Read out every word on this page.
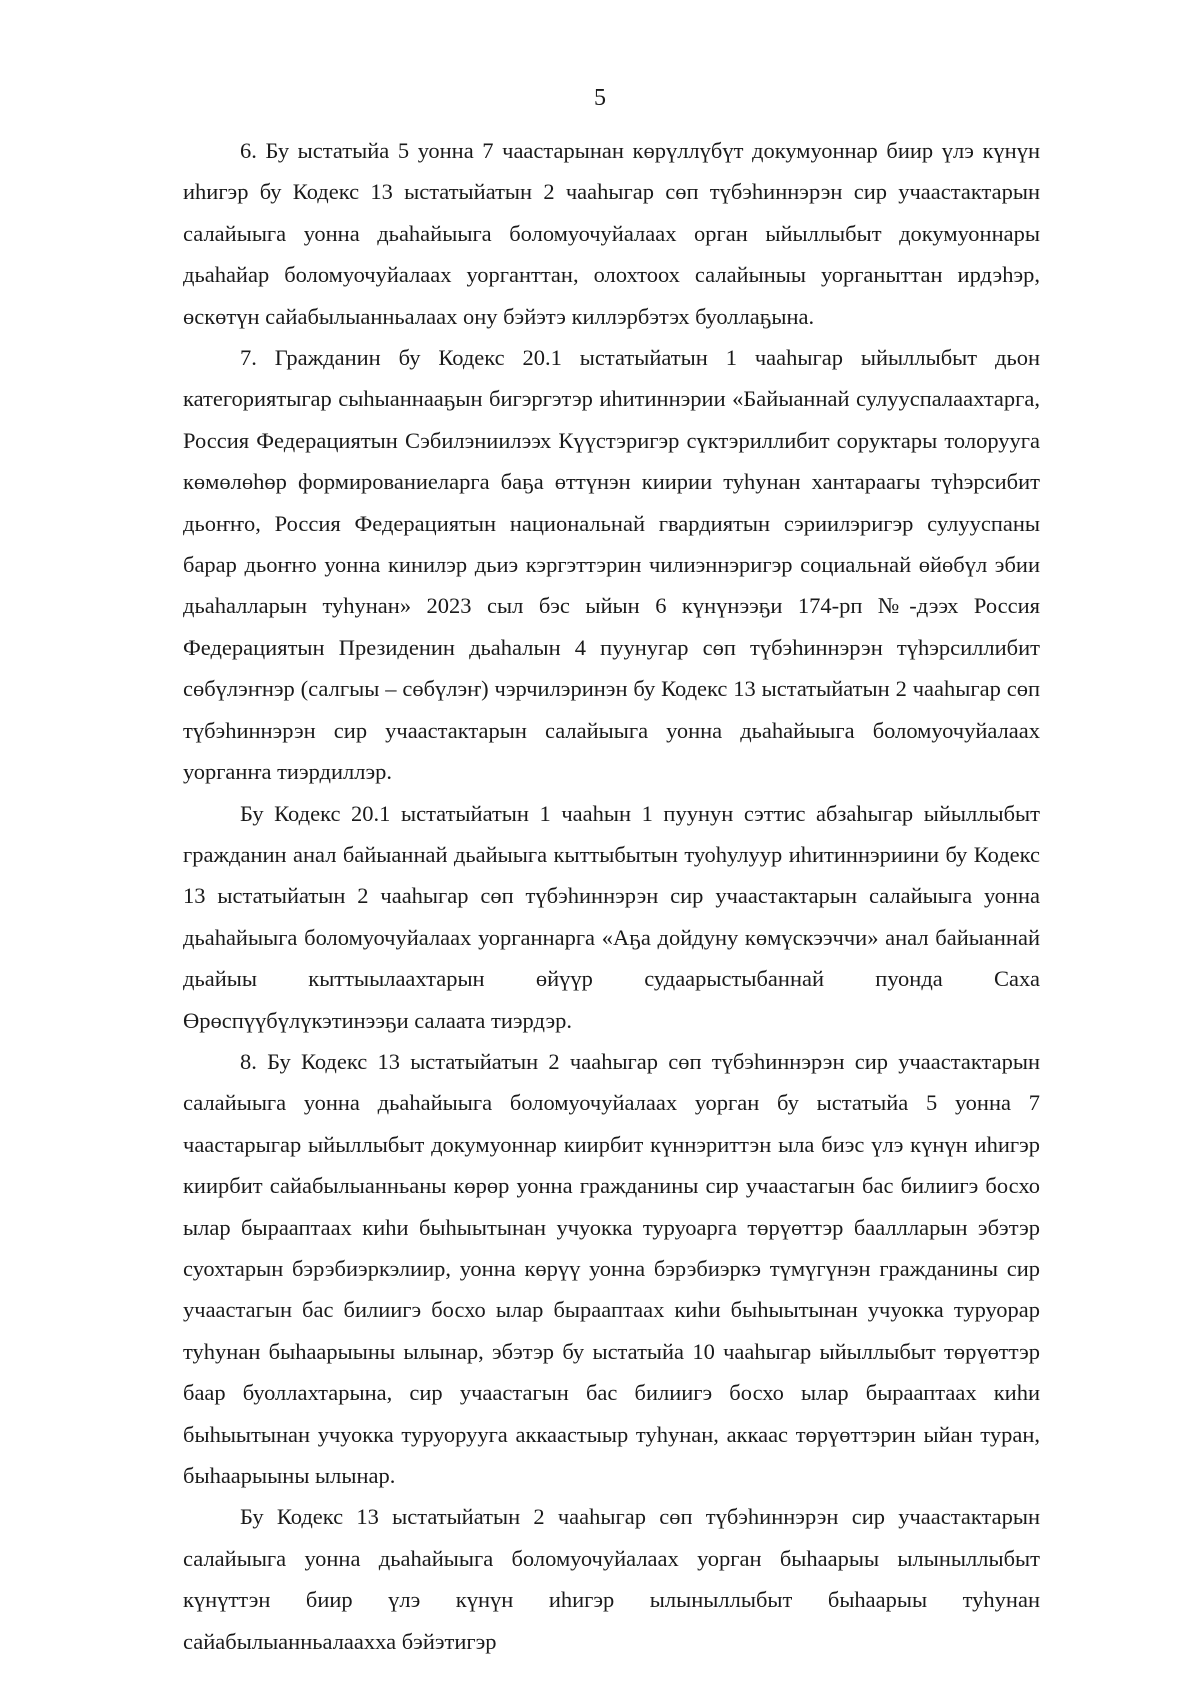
5

6. Бу ыстатыйа 5 уонна 7 чаастарынан көрүллүбүт докумуоннар биир үлэ күнүн иһигэр бу Кодекс 13 ыстатыйатын 2 чааһыгар сөп түбэһиннэрэн сир учаастактарын салайыыга уонна дьаһайыыга боломуочуйалаах орган ыйыллыбыт докумуоннары дьаһайар боломуочуйалаах уорганттан, олохтоох салайыныы уорганыттан ирдэһэр, өскөтүн сайабылыанньалаах ону бэйэтэ киллэрбэтэх буоллаҕына.

7. Гражданин бу Кодекс 20.1 ыстатыйатын 1 чааһыгар ыйыллыбыт дьон категориятыгар сыһыаннааҕын бигэргэтэр иһитиннэрии «Байыаннай сулууспалаахтарга, Россия Федерациятын Сэбилэниилээх Күүстэригэр сүктэриллибит соруктары толорууга көмөлөһөр формированиеларга баҕа өттүнэн киирии туһунан хантараагы түһэрсибит дьоҥҥо, Россия Федерациятын национальнай гвардиятын сэриилэригэр сулууспаны барар дьоҥҥо уонна кинилэр дьиэ кэргэттэрин чилиэннэригэр социальнай өйөбүл эбии дьаһалларын туһунан» 2023 сыл бэс ыйын 6 күнүнээҕи 174-рп №-дээх Россия Федерациятын Президенин дьаһалын 4 пуунугар сөп түбэһиннэрэн түһэрсиллибит сөбүлэҥнэр (салгыы – сөбүлэҥ) чэрчилэринэн бу Кодекс 13 ыстатыйатын 2 чааһыгар сөп түбэһиннэрэн сир учаастактарын салайыыга уонна дьаһайыыга боломуочуйалаах уорганҥа тиэрдиллэр.

Бу Кодекс 20.1 ыстатыйатын 1 чааһын 1 пуунун сэттис абзаһыгар ыйыллыбыт гражданин анал байыаннай дьайыыга кыттыбытын туоһулуур иһитиннэриини бу Кодекс 13 ыстатыйатын 2 чааһыгар сөп түбэһиннэрэн сир учаастактарын салайыыга уонна дьаһайыыга боломуочуйалаах уорганнарга «Аҕа дойдуну көмүскээччи» анал байыаннай дьайыы кыттыылаахтарын өйүүр судаарыстыбаннай пуонда Саха Өрөспүүбүлүкэтинээҕи салаата тиэрдэр.

8. Бу Кодекс 13 ыстатыйатын 2 чааһыгар сөп түбэһиннэрэн сир учаастактарын салайыыга уонна дьаһайыыга боломуочуйалаах уорган бу ыстатыйа 5 уонна 7 чаастарыгар ыйыллыбыт докумуоннар киирбит күннэриттэн ыла биэс үлэ күнүн иһигэр киирбит сайабылыанньаны көрөр уонна гражданины сир учаастагын бас билиигэ босхо ылар бырааптаах киһи быһыытынан учуокка туруоарга төрүөттэр бааллларын эбэтэр суохтарын бэрэбиэркэлиир, уонна көрүү уонна бэрэбиэркэ түмүгүнэн гражданины сир учаастагын бас билиигэ босхо ылар бырааптаах киһи быһыытынан учуокка туруорар туһунан быһаарыыны ылынар, эбэтэр бу ыстатыйа 10 чааһыгар ыйыллыбыт төрүөттэр баар буоллахтарына, сир учаастагын бас билиигэ босхо ылар бырааптаах киһи быһыытынан учуокка туруорууга аккаастыыр туһунан, аккаас төрүөттэрин ыйан туран, быһаарыыны ылынар.

Бу Кодекс 13 ыстатыйатын 2 чааһыгар сөп түбэһиннэрэн сир учаастактарын салайыыга уонна дьаһайыыга боломуочуйалаах уорган быһаарыы ылыныллыбыт күнүттэн биир үлэ күнүн иһигэр ылыныллыбыт быһаарыы туһунан сайабылыанньалаахха бэйэтигэр
